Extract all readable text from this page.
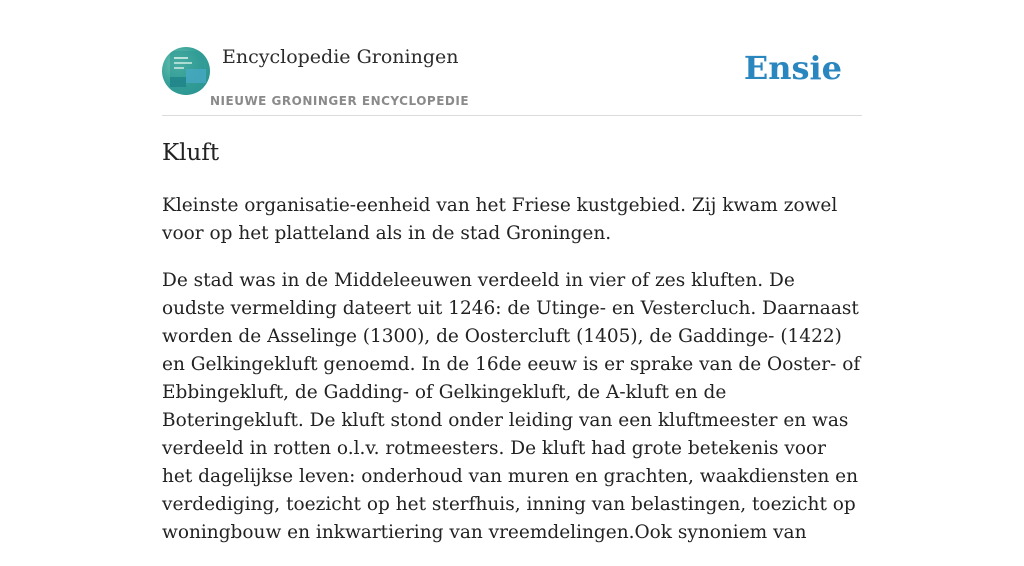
Encyclopedie Groningen
NIEUWE GRONINGER ENCYCLOPEDIE
Ensie
Kluft

Kleinste organisatie-eenheid van het Friese kustgebied. Zij kwam zowel voor op het platteland als in de stad Groningen.

De stad was in de Middeleeuwen verdeeld in vier of zes kluften. De oudste vermelding dateert uit 1246: de Utinge- en Vestercluch. Daarnaast worden de Asselinge (1300), de Oostercluft (1405), de Gaddinge- (1422) en Gelkingekluft genoemd. In de 16de eeuw is er sprake van de Ooster- of Ebbingekluft, de Gadding- of Gelkingekluft, de A-kluft en de Boteringekluft. De kluft stond onder leiding van een kluftmeester en was verdeeld in rotten o.l.v. rotmeesters. De kluft had grote betekenis voor het dagelijkse leven: onderhoud van muren en grachten, waakdiensten en verdediging, toezicht op het sterfhuis, inning van belastingen, toezicht op woningbouw en inkwartiering van vreemdelingen.Ook synoniem van
